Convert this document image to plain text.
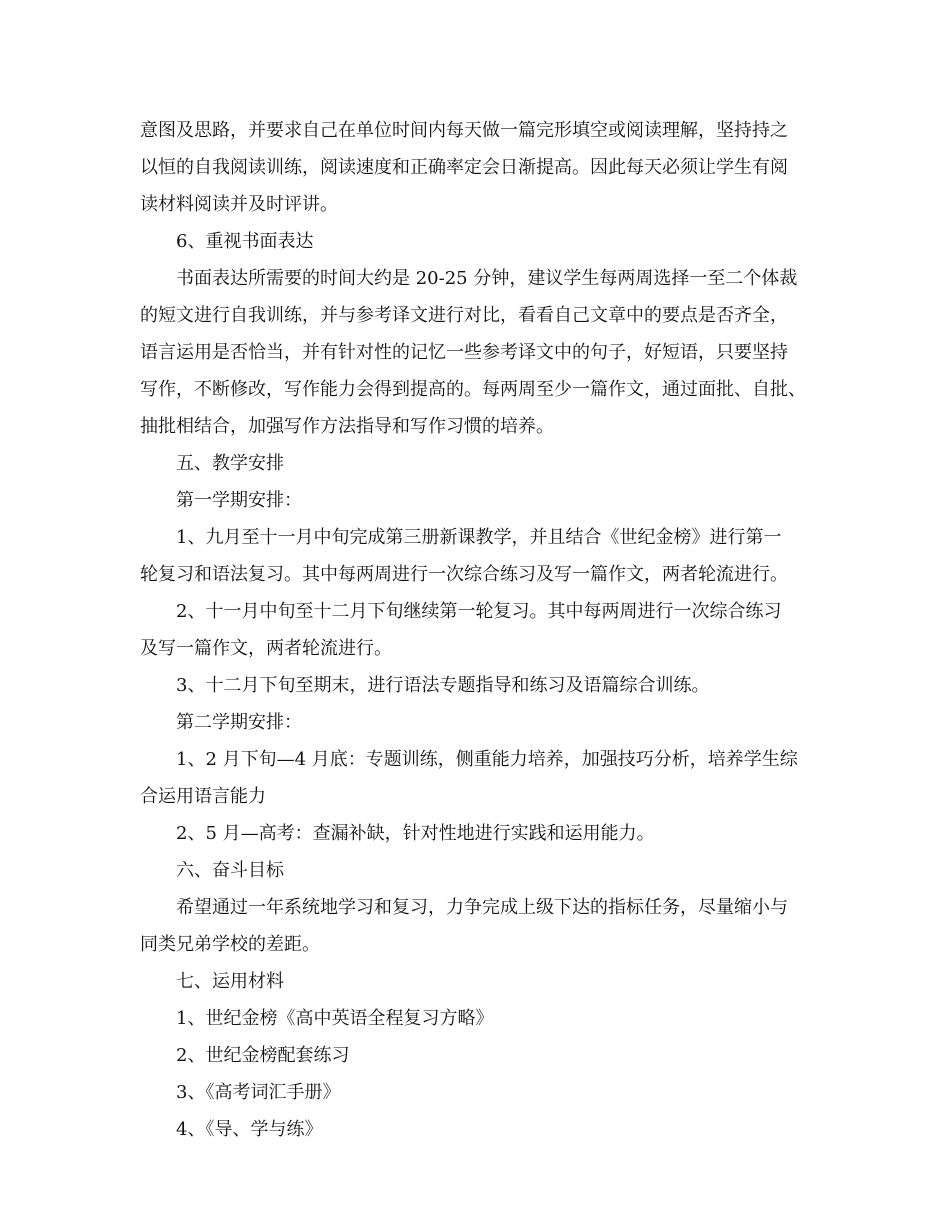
意图及思路，并要求自己在单位时间内每天做一篇完形填空或阅读理解，坚持持之
以恒的自我阅读训练，阅读速度和正确率定会日渐提高。因此每天必须让学生有阅
读材料阅读并及时评讲。
6、重视书面表达
书面表达所需要的时间大约是 20-25 分钟，建议学生每两周选择一至二个体裁
的短文进行自我训练，并与参考译文进行对比，看看自己文章中的要点是否齐全，
语言运用是否恰当，并有针对性的记忆一些参考译文中的句子，好短语，只要坚持
写作，不断修改，写作能力会得到提高的。每两周至少一篇作文，通过面批、自批、
抽批相结合，加强写作方法指导和写作习惯的培养。
五、教学安排
第一学期安排：
1、九月至十一月中旬完成第三册新课教学，并且结合《世纪金榜》进行第一
轮复习和语法复习。其中每两周进行一次综合练习及写一篇作文，两者轮流进行。
2、十一月中旬至十二月下旬继续第一轮复习。其中每两周进行一次综合练习
及写一篇作文，两者轮流进行。
3、十二月下旬至期末，进行语法专题指导和练习及语篇综合训练。
第二学期安排：
1、2 月下旬—4 月底：专题训练，侧重能力培养，加强技巧分析，培养学生综
合运用语言能力
2、5 月—高考：查漏补缺，针对性地进行实践和运用能力。
六、奋斗目标
希望通过一年系统地学习和复习，力争完成上级下达的指标任务，尽量缩小与
同类兄弟学校的差距。
七、运用材料
1、世纪金榜《高中英语全程复习方略》
2、世纪金榜配套练习
3、《高考词汇手册》
4、《导、学与练》
